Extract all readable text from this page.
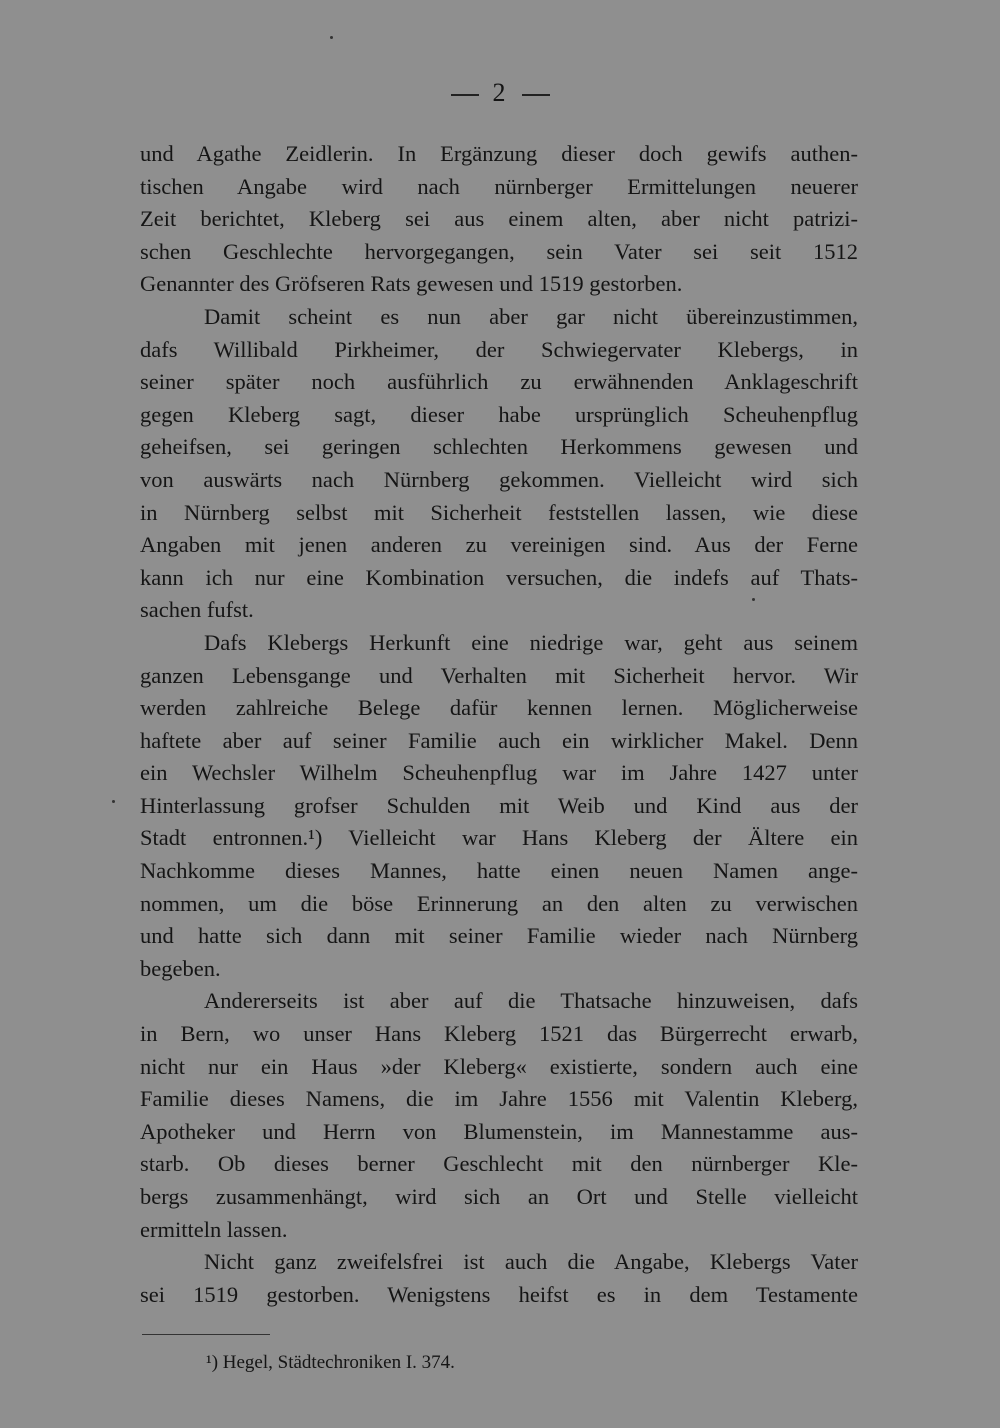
2
und Agathe Zeidlerin. In Ergänzung dieser doch gewifs authen-
tischen Angabe wird nach nürnberger Ermittelungen neuerer
Zeit berichtet, Kleberg sei aus einem alten, aber nicht patrizi-
schen Geschlechte hervorgegangen, sein Vater sei seit 1512
Genannter des Gröfseren Rats gewesen und 1519 gestorben.
Damit scheint es nun aber gar nicht übereinzustimmen,
dafs Willibald Pirkheimer, der Schwiegervater Klebergs, in
seiner später noch ausführlich zu erwähnenden Anklageschrift
gegen Kleberg sagt, dieser habe ursprünglich Scheuhenpflug
geheifsen, sei geringen schlechten Herkommens gewesen und
von auswärts nach Nürnberg gekommen. Vielleicht wird sich
in Nürnberg selbst mit Sicherheit feststellen lassen, wie diese
Angaben mit jenen anderen zu vereinigen sind. Aus der Ferne
kann ich nur eine Kombination versuchen, die indefs auf Thats-
sachen fufst.
Dafs Klebergs Herkunft eine niedrige war, geht aus seinem
ganzen Lebensgange und Verhalten mit Sicherheit hervor. Wir
werden zahlreiche Belege dafür kennen lernen. Möglicherweise
haftete aber auf seiner Familie auch ein wirklicher Makel. Denn
ein Wechsler Wilhelm Scheuhenpflug war im Jahre 1427 unter
Hinterlassung grofser Schulden mit Weib und Kind aus der
Stadt entronnen.¹) Vielleicht war Hans Kleberg der Ältere ein
Nachkomme dieses Mannes, hatte einen neuen Namen ange-
nommen, um die böse Erinnerung an den alten zu verwischen
und hatte sich dann mit seiner Familie wieder nach Nürnberg
begeben.
Andererseits ist aber auf die Thatsache hinzuweisen, dafs
in Bern, wo unser Hans Kleberg 1521 das Bürgerrecht erwarb,
nicht nur ein Haus »der Kleberg« existierte, sondern auch eine
Familie dieses Namens, die im Jahre 1556 mit Valentin Kleberg,
Apotheker und Herrn von Blumenstein, im Mannestamme aus-
starb. Ob dieses berner Geschlecht mit den nürnberger Kle-
bergs zusammenhängt, wird sich an Ort und Stelle vielleicht
ermitteln lassen.
Nicht ganz zweifelsfrei ist auch die Angabe, Klebergs Vater
sei 1519 gestorben. Wenigstens heifst es in dem Testamente
¹) Hegel, Städtechroniken I. 374.
